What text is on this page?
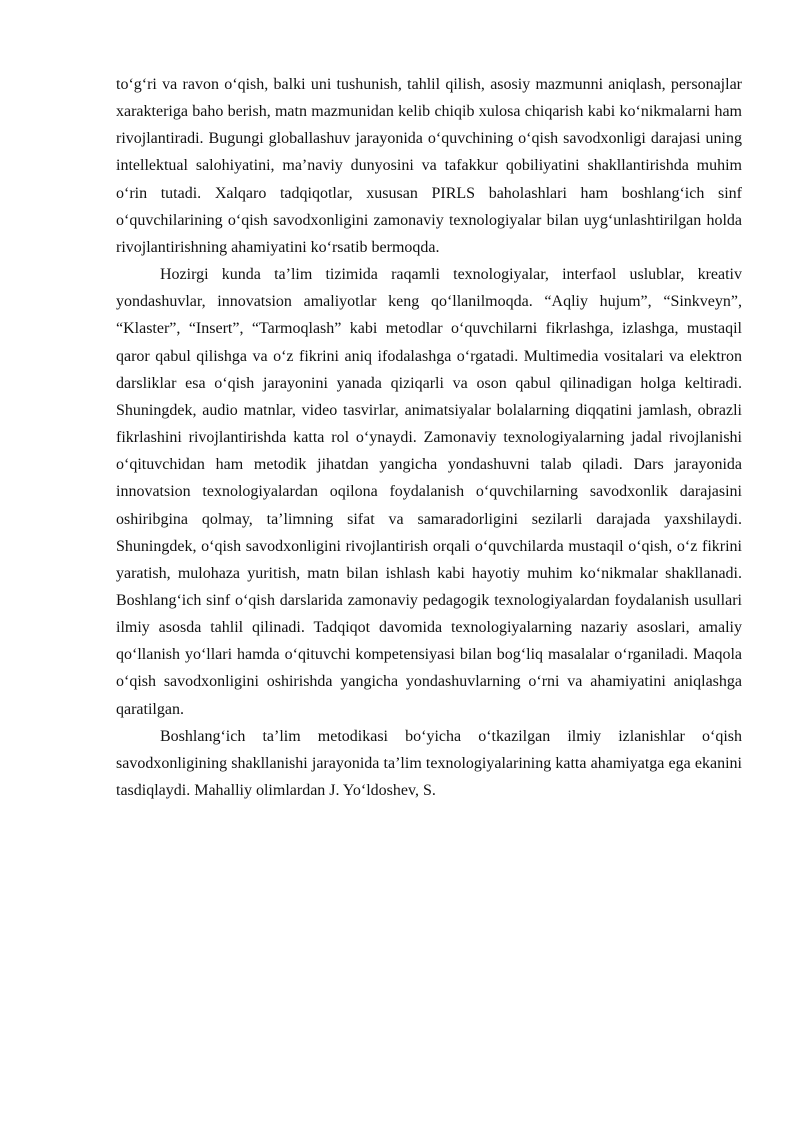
to‘g‘ri va ravon o‘qish, balki uni tushunish, tahlil qilish, asosiy mazmunni aniqlash, personajlar xarakteriga baho berish, matn mazmunidan kelib chiqib xulosa chiqarish kabi ko‘nikmalarni ham rivojlantiradi. Bugungi globallashuv jarayonida o‘quvchining o‘qish savodxonligi darajasi uning intellektual salohiyatini, ma’naviy dunyosini va tafakkur qobiliyatini shakllantirishda muhim o‘rin tutadi. Xalqaro tadqiqotlar, xususan PIRLS baholashlari ham boshlang‘ich sinf o‘quvchilarining o‘qish savodxonligini zamonaviy texnologiyalar bilan uyg‘unlashtirilgan holda rivojlantirishning ahamiyatini ko‘rsatib bermoqda.

Hozirgi kunda ta’lim tizimida raqamli texnologiyalar, interfaol uslublar, kreativ yondashuvlar, innovatsion amaliyotlar keng qo‘llanilmoqda. “Aqliy hujum”, “Sinkveyn”, “Klaster”, “Insert”, “Tarmoqlash” kabi metodlar o‘quvchilarni fikrlashga, izlashga, mustaqil qaror qabul qilishga va o‘z fikrini aniq ifodalashga o‘rgatadi. Multimedia vositalari va elektron darsliklar esa o‘qish jarayonini yanada qiziqarli va oson qabul qilinadigan holga keltiradi. Shuningdek, audio matnlar, video tasvirlar, animatsiyalar bolalarning diqqatini jamlash, obrazli fikrlashini rivojlantirishda katta rol o‘ynaydi. Zamonaviy texnologiyalarning jadal rivojlanishi o‘qituvchidan ham metodik jihatdan yangicha yondashuvni talab qiladi. Dars jarayonida innovatsion texnologiyalardan oqilona foydalanish o‘quvchilarning savodxonlik darajasini oshiribgina qolmay, ta’limning sifat va samaradorligini sezilarli darajada yaxshilaydi. Shuningdek, o‘qish savodxonligini rivojlantirish orqali o‘quvchilarda mustaqil o‘qish, o‘z fikrini yaratish, mulohaza yuritish, matn bilan ishlash kabi hayotiy muhim ko‘nikmalar shakllanadi. Boshlang‘ich sinf o‘qish darslarida zamonaviy pedagogik texnologiyalardan foydalanish usullari ilmiy asosda tahlil qilinadi. Tadqiqot davomida texnologiyalarning nazariy asoslari, amaliy qo‘llanish yo‘llari hamda o‘qituvchi kompetensiyasi bilan bog‘liq masalalar o‘rganiladi. Maqola o‘qish savodxonligini oshirishda yangicha yondashuvlarning o‘rni va ahamiyatini aniqlashga qaratilgan.

Boshlang‘ich ta’lim metodikasi bo‘yicha o‘tkazilgan ilmiy izlanishlar o‘qish savodxonligining shakllanishi jarayonida ta’lim texnologiyalarining katta ahamiyatga ega ekanini tasdiqlaydi. Mahalliy olimlardan J. Yo‘ldoshev, S.
